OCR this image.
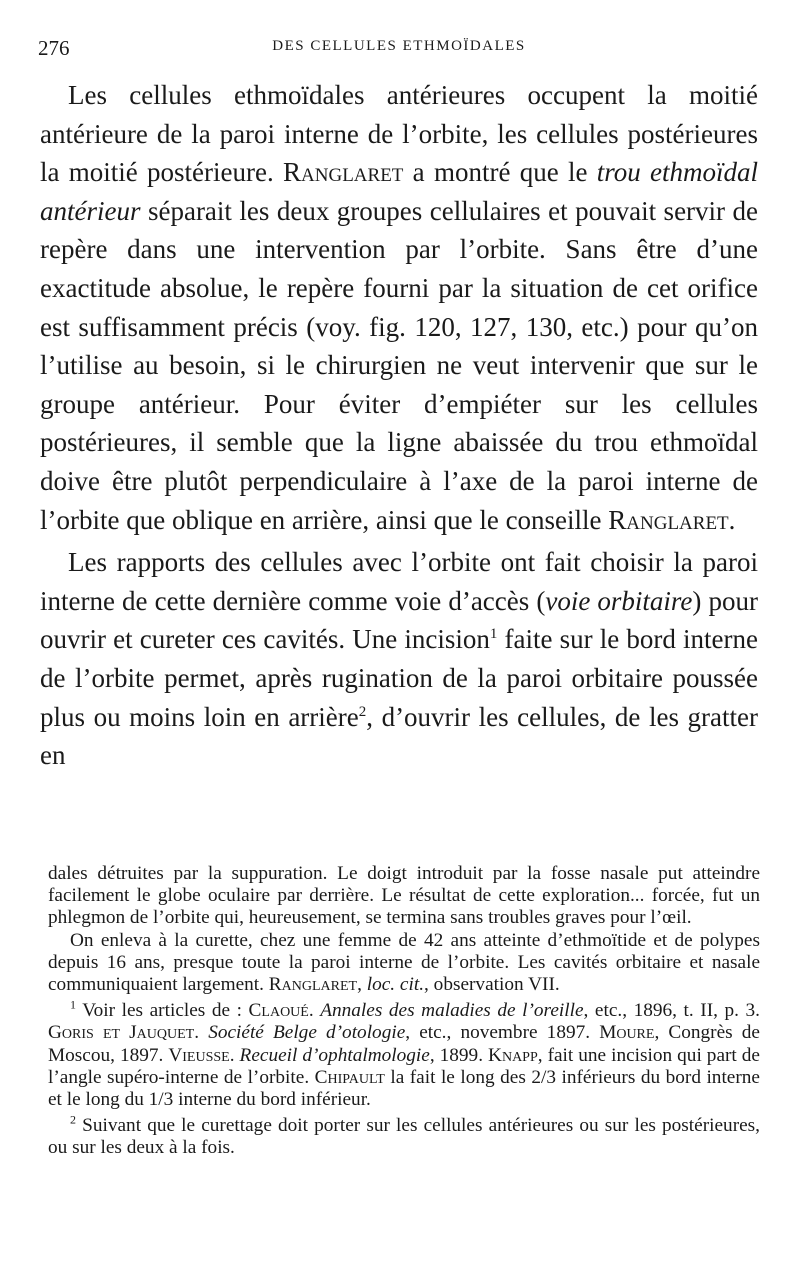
276	DES CELLULES ETHMOÏDALES

Les cellules ethmoïdales antérieures occupent la moitié antérieure de la paroi interne de l’orbite, les cellules postérieures la moitié postérieure. Ranglaret a montré que le trou ethmoïdal antérieur séparait les deux groupes cellulaires et pouvait servir de repère dans une intervention par l’orbite. Sans être d’une exactitude absolue, le repère fourni par la situation de cet orifice est suffisamment précis (voy. fig. 120, 127, 130, etc.) pour qu’on l’utilise au besoin, si le chirurgien ne veut intervenir que sur le groupe antérieur. Pour éviter d’empiéter sur les cellules postérieures, il semble que la ligne abaissée du trou ethmoïdal doive être plutôt perpendiculaire à l’axe de la paroi interne de l’orbite que oblique en arrière, ainsi que le conseille Ranglaret.

Les rapports des cellules avec l’orbite ont fait choisir la paroi interne de cette dernière comme voie d’accès (voie orbitaire) pour ouvrir et cureter ces cavités. Une incision$^1$ faite sur le bord interne de l’orbite permet, après rugination de la paroi orbitaire poussée plus ou moins loin en arrière$^2$, d’ouvrir les cellules, de les gratter en

dales détruites par la suppuration. Le doigt introduit par la fosse nasale put atteindre facilement le globe oculaire par derrière. Le résultat de cette exploration... forcée, fut un phlegmon de l’orbite qui, heureusement, se termina sans troubles graves pour l’œil.

On enleva à la curette, chez une femme de 42 ans atteinte d’ethmoïtide et de polypes depuis 16 ans, presque toute la paroi interne de l’orbite. Les cavités orbitaire et nasale communiquaient largement. Ranglaret, loc. cit., observation VII.

$^1$ Voir les articles de : Claoué. Annales des maladies de l’oreille, etc., 1896, t. II, p. 3. Goris et Jauquet. Société Belge d’otologie, etc., novembre 1897. Moure, Congrès de Moscou, 1897. Vieusse. Recueil d’ophtalmologie, 1899. Knapp, fait une incision qui part de l’angle supéro-interne de l’orbite. Chipault la fait le long des 2/3 inférieurs du bord interne et le long du 1/3 interne du bord inférieur.

$^2$ Suivant que le curettage doit porter sur les cellules antérieures ou sur les postérieures, ou sur les deux à la fois.
